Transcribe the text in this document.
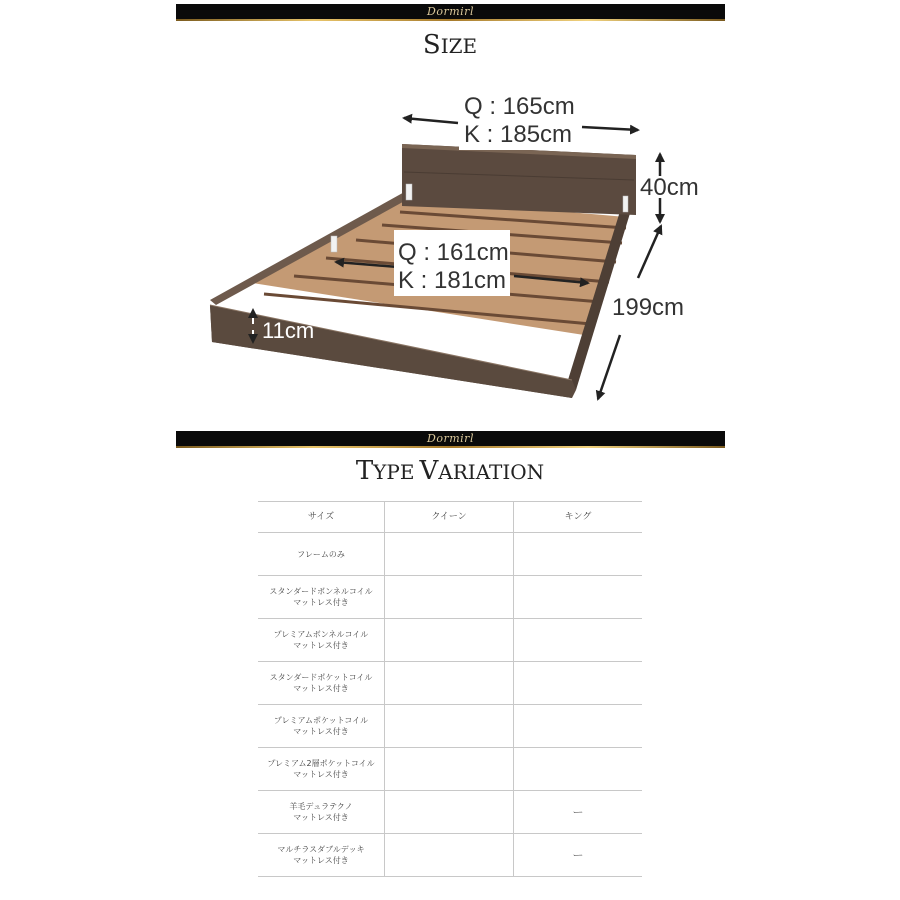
Dormirl
SIZE
Q : 165cm
K : 185cm
40cm
199cm
Q : 161cm
K : 181cm
11cm
Dormirl
TYPE VARIATION
サイズ	クイーン	キング

フレームのみ		

スタンダードボンネルコイル
マットレス付き		

プレミアムボンネルコイル
マットレス付き		

スタンダードポケットコイル
マットレス付き		

プレミアムポケットコイル
マットレス付き		

プレミアム2層ポケットコイル
マットレス付き		

羊毛デュラテクノ
マットレス付き		ー

マルチラスダブルデッキ
マットレス付き		ー
